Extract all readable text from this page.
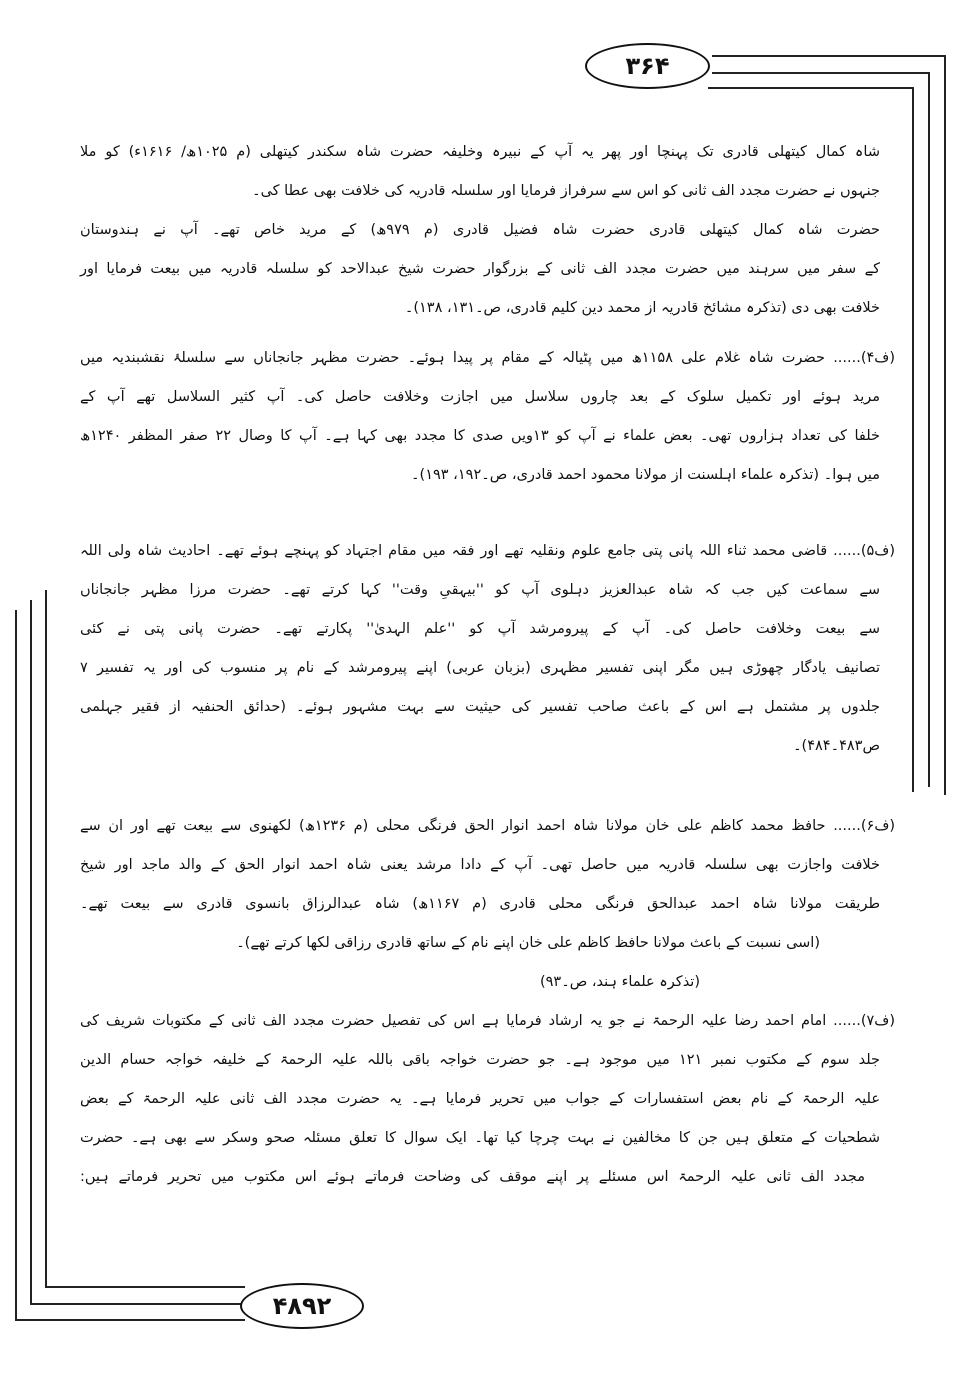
۳۶۴
۴۸۹۲
شاہ کمال کیتھلی قادری تک پہنچا اور پھر یہ آپ کے نبیرہ وخلیفہ حضرت شاہ سکندر کیتھلی (م ۱۰۲۵ھ/ ۱۶۱۶ء) کو ملا
جنہوں نے حضرت مجدد الف ثانی کو اس سے سرفراز فرمایا اور سلسلہ قادریہ کی خلافت بھی عطا کی۔
حضرت شاہ کمال کیتھلی قادری حضرت شاہ فضیل قادری (م ۹۷۹ھ) کے مرید خاص تھے۔ آپ نے ہندوستان
کے سفر میں سرہند میں حضرت مجدد الف ثانی کے بزرگوار حضرت شیخ عبدالاحد کو سلسلہ قادریہ میں بیعت فرمایا اور
خلافت بھی دی (تذکرہ مشائخ قادریہ از محمد دین کلیم قادری، ص۔۱۳۱، ۱۳۸)۔
(ف۴)...... حضرت شاہ غلام علی ۱۱۵۸ھ میں پٹیالہ کے مقام پر پیدا ہوئے۔ حضرت مظہر جانجاناں سے سلسلۂ نقشبندیہ میں
مرید ہوئے اور تکمیل سلوک کے بعد چاروں سلاسل میں اجازت وخلافت حاصل کی۔ آپ کثیر السلاسل تھے آپ کے
خلفا کی تعداد ہزاروں تھی۔ بعض علماء نے آپ کو ۱۳ویں صدی کا مجدد بھی کہا ہے۔ آپ کا وصال ۲۲ صفر المظفر ۱۲۴۰ھ
میں ہوا۔ (تذکرہ علماء اہلسنت از مولانا محمود احمد قادری، ص۔۱۹۲، ۱۹۳)۔
(ف۵)...... قاضی محمد ثناء اللہ پانی پتی جامع علوم ونقلیہ تھے اور فقہ میں مقام اجتہاد کو پہنچے ہوئے تھے۔ احادیث شاہ ولی اللہ
سے سماعت کیں جب کہ شاہ عبدالعزیز دہلوی آپ کو ''بیہقیِ وقت'' کہا کرتے تھے۔ حضرت مرزا مظہر جانجاناں
سے بیعت وخلافت حاصل کی۔ آپ کے پیرومرشد آپ کو ''علم الہدیٰ'' پکارتے تھے۔ حضرت پانی پتی نے کئی
تصانیف یادگار چھوڑی ہیں مگر اپنی تفسیر مظہری (بزبان عربی) اپنے پیرومرشد کے نام پر منسوب کی اور یہ تفسیر ۷
جلدوں پر مشتمل ہے اس کے باعث صاحب تفسیر کی حیثیت سے بہت مشہور ہوئے۔ (حدائق الحنفیہ از فقیر جہلمی
ص۴۸۳۔۴۸۴)۔
(ف۶)...... حافظ محمد کاظم علی خان مولانا شاہ احمد انوار الحق فرنگی محلی (م ۱۲۳۶ھ) لکھنوی سے بیعت تھے اور ان سے
خلافت واجازت بھی سلسلہ قادریہ میں حاصل تھی۔ آپ کے دادا مرشد یعنی شاہ احمد انوار الحق کے والد ماجد اور شیخ
طریقت مولانا شاہ احمد عبدالحق فرنگی محلی قادری (م ۱۱۶۷ھ) شاہ عبدالرزاق بانسوی قادری سے بیعت تھے۔
(اسی نسبت کے باعث مولانا حافظ کاظم علی خان اپنے نام کے ساتھ قادری رزاقی لکھا کرتے تھے)۔
(تذکرہ علماء ہند، ص۔۹۳)
(ف۷)...... امام احمد رضا علیہ الرحمۃ نے جو یہ ارشاد فرمایا ہے اس کی تفصیل حضرت مجدد الف ثانی کے مکتوبات شریف کی
جلد سوم کے مکتوب نمبر ۱۲۱ میں موجود ہے۔ جو حضرت خواجہ باقی باللہ علیہ الرحمۃ کے خلیفہ خواجہ حسام الدین
علیہ الرحمۃ کے نام بعض استفسارات کے جواب میں تحریر فرمایا ہے۔ یہ حضرت مجدد الف ثانی علیہ الرحمۃ کے بعض
شطحیات کے متعلق ہیں جن کا مخالفین نے بہت چرچا کیا تھا۔ ایک سوال کا تعلق مسئلہ صحو وسکر سے بھی ہے۔ حضرت
مجدد الف ثانی علیہ الرحمۃ اس مسئلے پر اپنے موقف کی وضاحت فرماتے ہوئے اس مکتوب میں تحریر فرماتے ہیں:
